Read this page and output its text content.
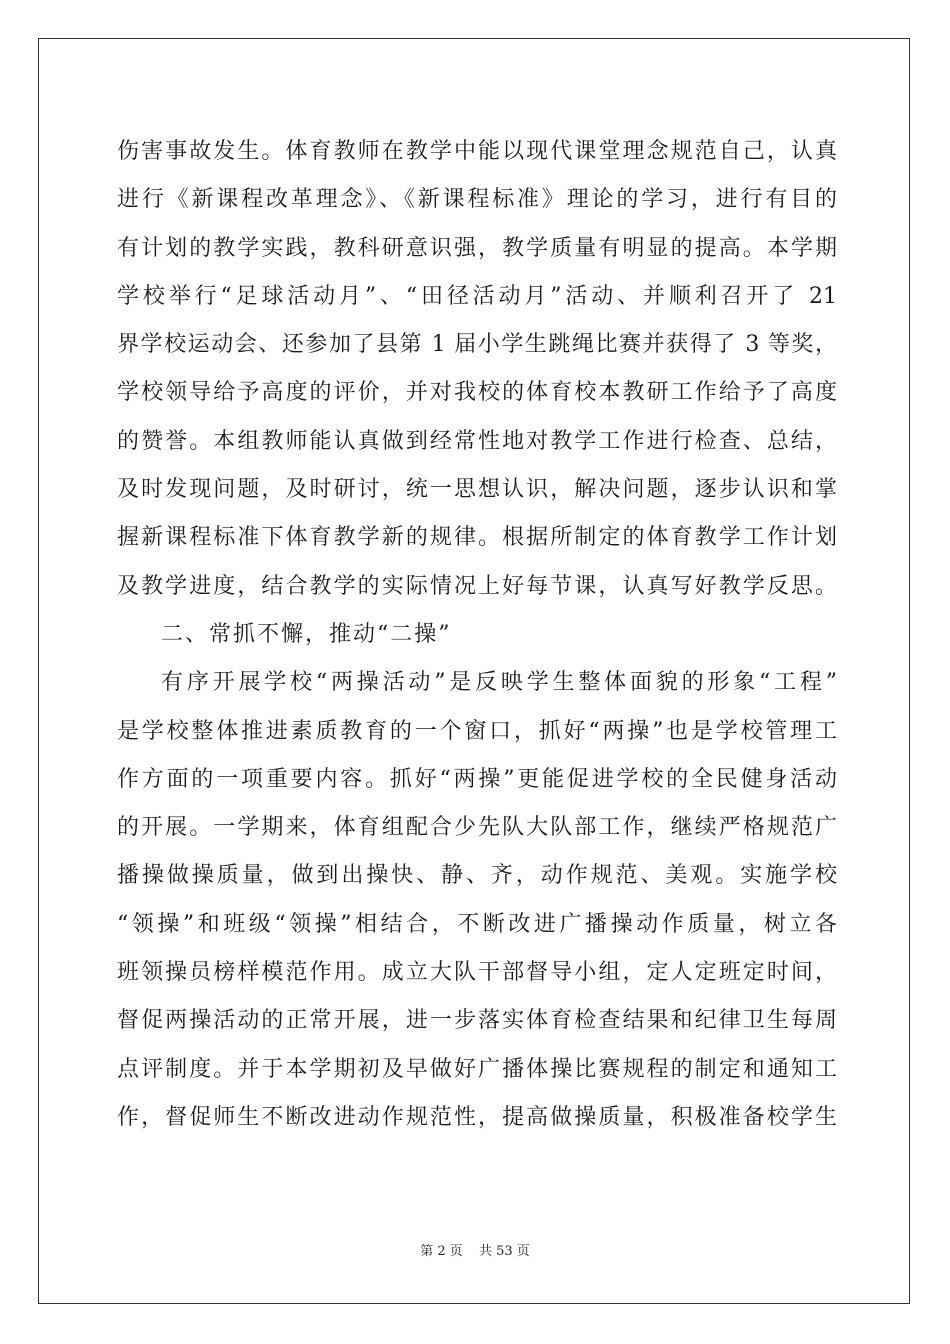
伤害事故发生。体育教师在教学中能以现代课堂理念规范自己，认真
进行《新课程改革理念》、《新课程标准》理论的学习，进行有目的
有计划的教学实践，教科研意识强，教学质量有明显的提高。本学期
学校举行“足球活动月”、“田径活动月”活动、并顺利召开了 21
界学校运动会、还参加了县第 1 届小学生跳绳比赛并获得了 3 等奖，
学校领导给予高度的评价，并对我校的体育校本教研工作给予了高度
的赞誉。本组教师能认真做到经常性地对教学工作进行检查、总结，
及时发现问题，及时研讨，统一思想认识，解决问题，逐步认识和掌
握新课程标准下体育教学新的规律。根据所制定的体育教学工作计划
及教学进度，结合教学的实际情况上好每节课，认真写好教学反思。
二、常抓不懈，推动“二操”
有序开展学校“两操活动”是反映学生整体面貌的形象“工程”
是学校整体推进素质教育的一个窗口，抓好“两操”也是学校管理工
作方面的一项重要内容。抓好“两操”更能促进学校的全民健身活动
的开展。一学期来，体育组配合少先队大队部工作，继续严格规范广
播操做操质量，做到出操快、静、齐，动作规范、美观。实施学校
“领操”和班级“领操”相结合，不断改进广播操动作质量，树立各
班领操员榜样模范作用。成立大队干部督导小组，定人定班定时间，
督促两操活动的正常开展，进一步落实体育检查结果和纪律卫生每周
点评制度。并于本学期初及早做好广播体操比赛规程的制定和通知工
作，督促师生不断改进动作规范性，提高做操质量，积极准备校学生
第 2 页 共 53 页
